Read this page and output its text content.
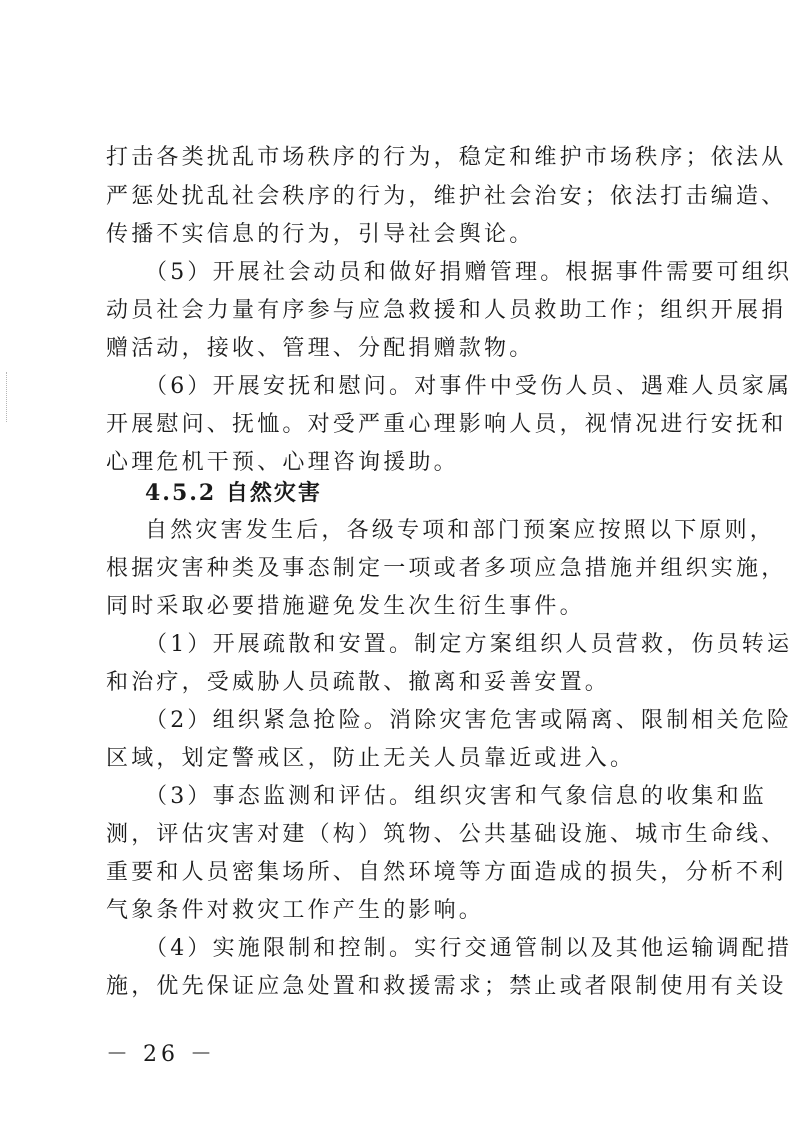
打击各类扰乱市场秩序的行为，稳定和维护市场秩序；依法从
严惩处扰乱社会秩序的行为，维护社会治安；依法打击编造、
传播不实信息的行为，引导社会舆论。
（5）开展社会动员和做好捐赠管理。根据事件需要可组织
动员社会力量有序参与应急救援和人员救助工作；组织开展捐
赠活动，接收、管理、分配捐赠款物。
（6）开展安抚和慰问。对事件中受伤人员、遇难人员家属
开展慰问、抚恤。对受严重心理影响人员，视情况进行安抚和
心理危机干预、心理咨询援助。
4.5.2 自然灾害
自然灾害发生后，各级专项和部门预案应按照以下原则，
根据灾害种类及事态制定一项或者多项应急措施并组织实施，
同时采取必要措施避免发生次生衍生事件。
（1）开展疏散和安置。制定方案组织人员营救，伤员转运
和治疗，受威胁人员疏散、撤离和妥善安置。
（2）组织紧急抢险。消除灾害危害或隔离、限制相关危险
区域，划定警戒区，防止无关人员靠近或进入。
（3）事态监测和评估。组织灾害和气象信息的收集和监
测，评估灾害对建（构）筑物、公共基础设施、城市生命线、
重要和人员密集场所、自然环境等方面造成的损失，分析不利
气象条件对救灾工作产生的影响。
（4）实施限制和控制。实行交通管制以及其他运输调配措
施，优先保证应急处置和救援需求；禁止或者限制使用有关设
－ 26 －
